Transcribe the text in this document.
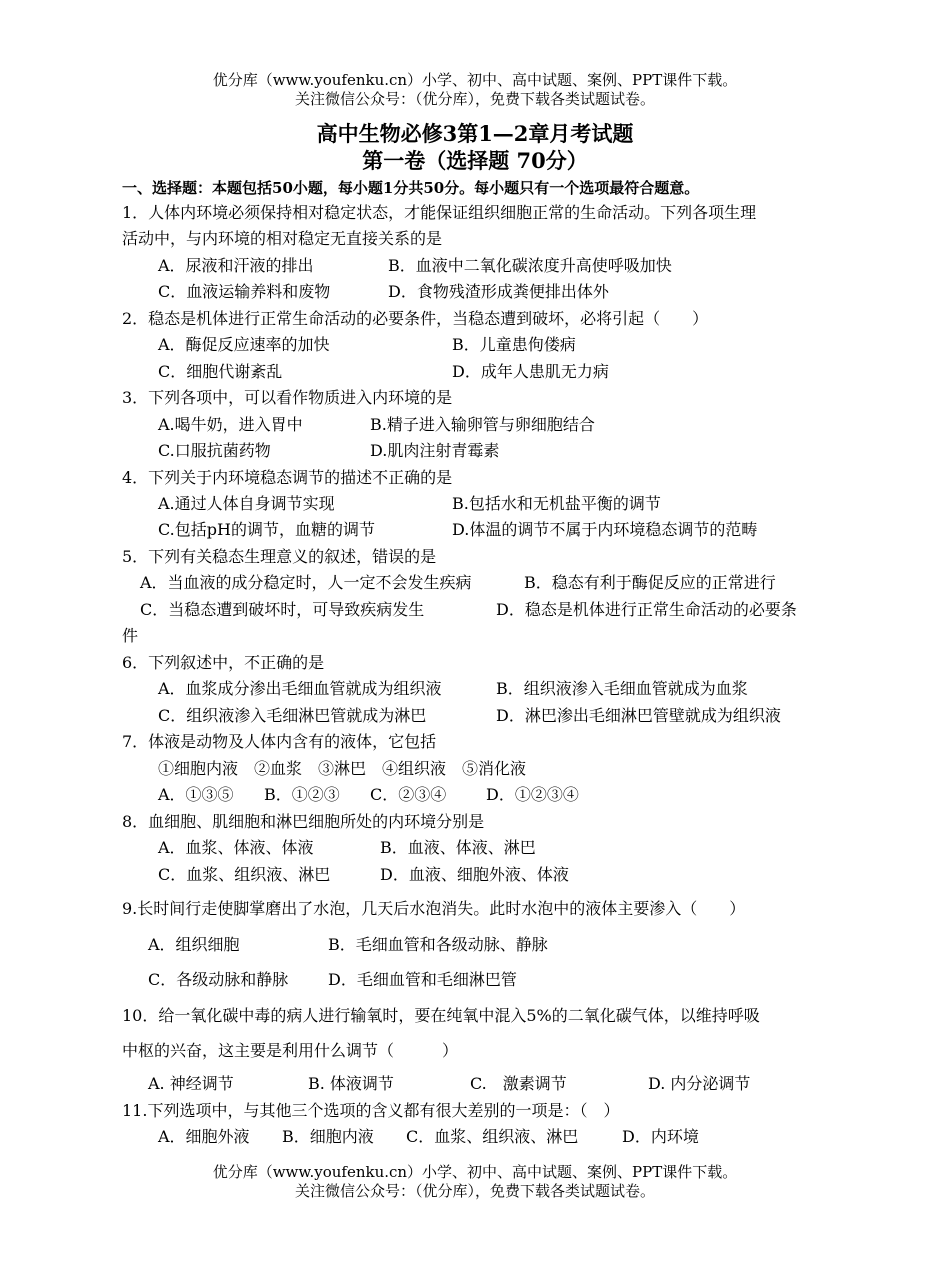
优分库（www.youfenku.cn）小学、初中、高中试题、案例、PPT课件下载。
关注微信公众号：（优分库），免费下载各类试题试卷。
高中生物必修3第1—2章月考试题
第一卷（选择题 70分）
一、选择题：本题包括50小题，每小题1分共50分。每小题只有一个选项最符合题意。
1．人体内环境必须保持相对稳定状态，才能保证组织细胞正常的生命活动。下列各项生理
活动中，与内环境的相对稳定无直接关系的是
A．尿液和汗液的排出	B．血液中二氧化碳浓度升高使呼吸加快
C．血液运输养料和废物	D．食物残渣形成粪便排出体外
2．稳态是机体进行正常生命活动的必要条件，当稳态遭到破坏，必将引起（　　）
A．酶促反应速率的加快	B．儿童患佝偻病
C．细胞代谢紊乱	D．成年人患肌无力病
3．下列各项中，可以看作物质进入内环境的是
A.喝牛奶，进入胃中	B.精子进入输卵管与卵细胞结合
C.口服抗菌药物	D.肌肉注射青霉素
4．下列关于内环境稳态调节的描述不正确的是
A.通过人体自身调节实现	B.包括水和无机盐平衡的调节
C.包括pH的调节，血糖的调节	D.体温的调节不属于内环境稳态调节的范畴
5．下列有关稳态生理意义的叙述，错误的是
A．当血液的成分稳定时，人一定不会发生疾病	B．稳态有利于酶促反应的正常进行
C．当稳态遭到破坏时，可导致疾病发生	D．稳态是机体进行正常生命活动的必要条
件
6．下列叙述中，不正确的是
A．血浆成分渗出毛细血管就成为组织液	B．组织液渗入毛细血管就成为血浆
C．组织液渗入毛细淋巴管就成为淋巴	D．淋巴渗出毛细淋巴管壁就成为组织液
7．体液是动物及人体内含有的液体，它包括
①细胞内液　②血浆　③淋巴　④组织液　⑤消化液
A．①③⑤ B．①②③ C．②③④ D．①②③④
8．血细胞、肌细胞和淋巴细胞所处的内环境分别是
A．血浆、体液、体液	B．血液、体液、淋巴
C．血浆、组织液、淋巴	D．血液、细胞外液、体液
9.长时间行走使脚掌磨出了水泡，几天后水泡消失。此时水泡中的液体主要渗入（　　）
A．组织细胞	B．毛细血管和各级动脉、静脉
C．各级动脉和静脉 D．毛细血管和毛细淋巴管
10．给一氧化碳中毒的病人进行输氧时，要在纯氧中混入5%的二氧化碳气体，以维持呼吸
中枢的兴奋，这主要是利用什么调节（　　　）
A. 神经调节	B. 体液调节	C.　激素调节	D. 内分泌调节
11.下列选项中，与其他三个选项的含义都有很大差别的一项是：（　）
A．细胞外液 B．细胞内液 C．血浆、组织液、淋巴	D．内环境
优分库（www.youfenku.cn）小学、初中、高中试题、案例、PPT课件下载。
关注微信公众号：（优分库），免费下载各类试题试卷。
